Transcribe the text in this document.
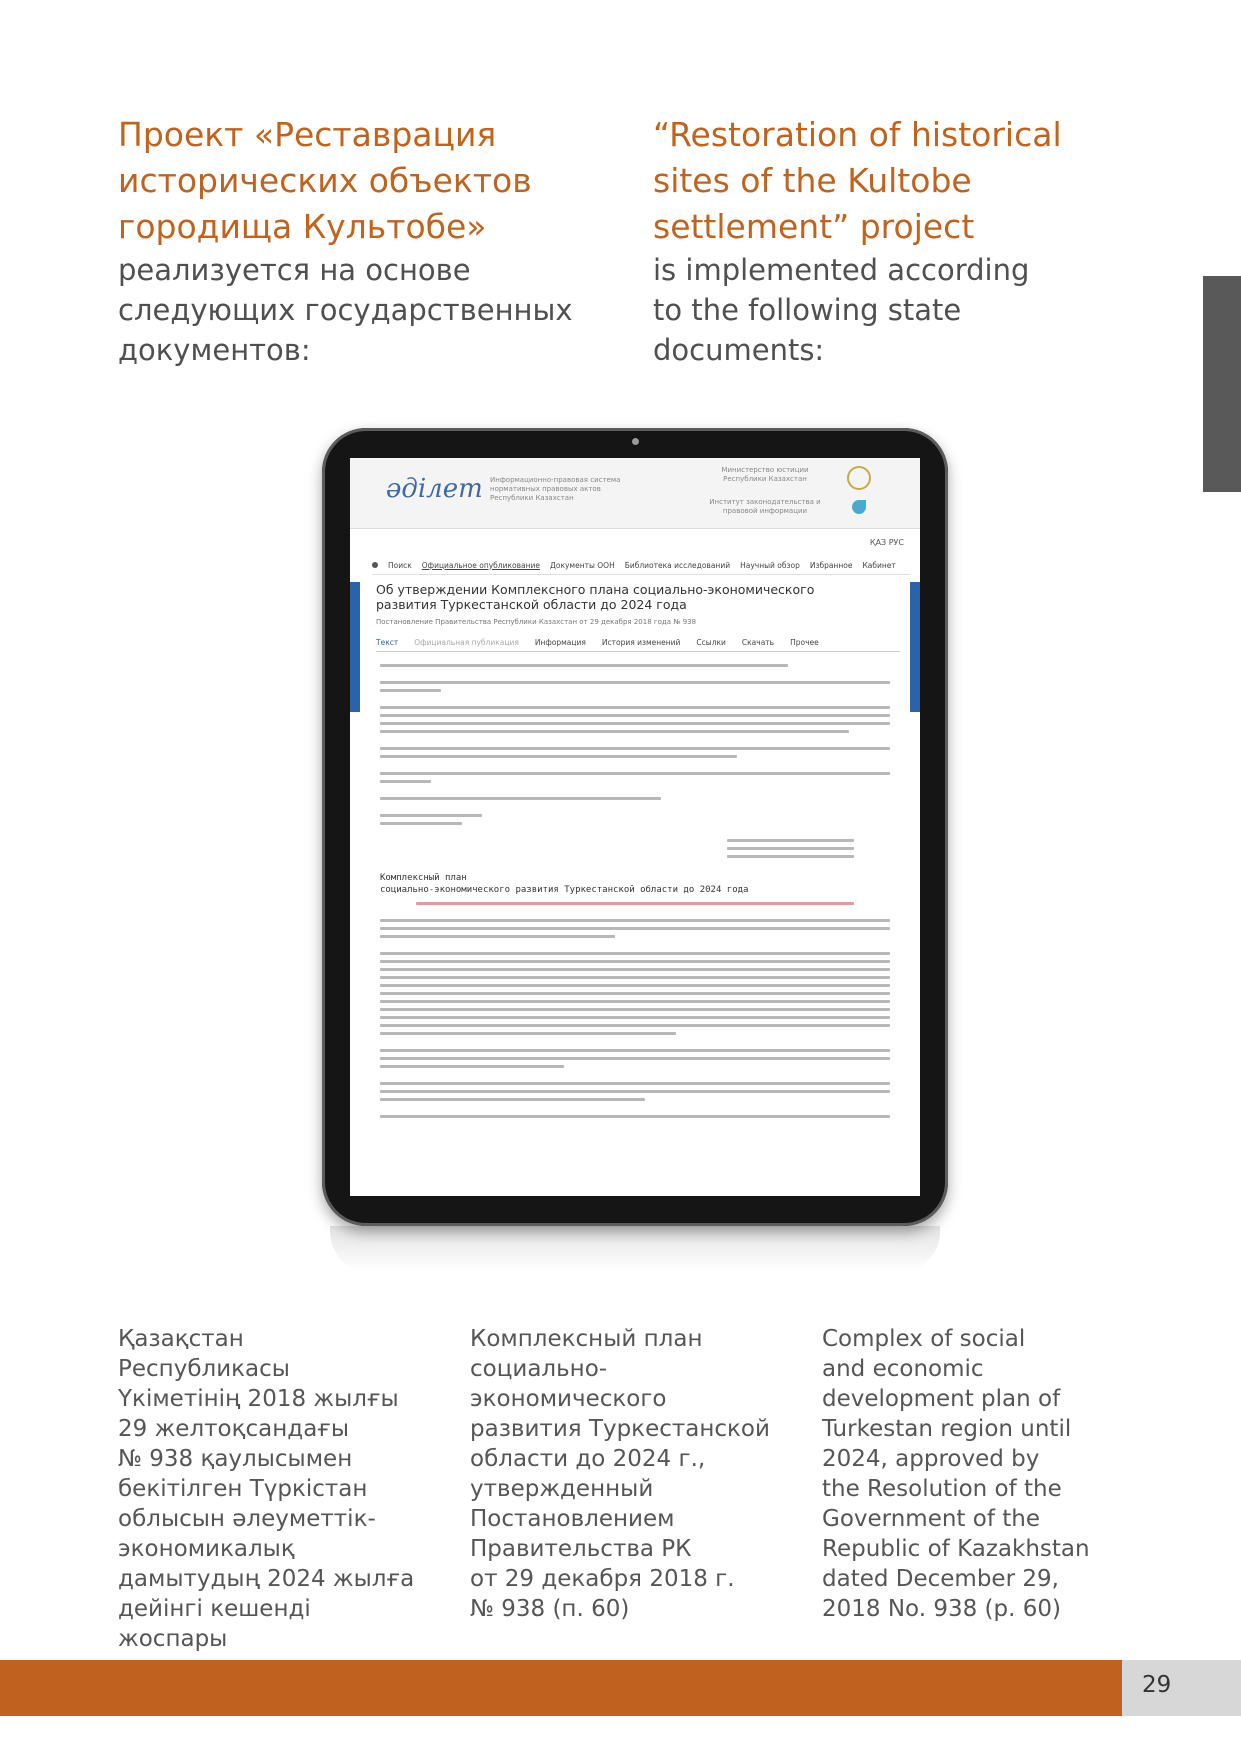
Проект «Реставрация
исторических объектов
городища Культобе»
реализуется на основе
следующих государственных
документов:
“Restoration of historical
sites of the Kultobe
settlement” project
is implemented according
to the following state
documents:
әділет Информационно-правовая система нормативных правовых актов Республики Казахстан
Министерство юстиции Республики Казахстан
Институт законодательства и правовой информации
ҚАЗ РУС
Поиск Официальное опубликование Документы ООН Библиотека исследований Научный обзор Избранное Кабинет
Об утверждении Комплексного плана социально-экономического развития Туркестанской области до 2024 года
Постановление Правительства Республики Казахстан от 29 декабря 2018 года № 938
Текст Официальная публикация Информация История изменений Ссылки Скачать Прочее
Комплексный план
социально-экономического развития Туркестанской области до 2024 года
Қазақстан Республикасы
Үкіметінің 2018 жылғы
29 желтоқсандағы
№ 938 қаулысымен
бекітілген Түркістан
облысын әлеуметтік-
экономикалық
дамытудың 2024 жылға
дейінгі кешенді жоспары
Комплексный план
социально-
экономического
развития Туркестанской
области до 2024 г.,
утвержденный
Постановлением
Правительства РК
от 29 декабря 2018 г.
№ 938 (п. 60)
Complex of social
and economic
development plan of
Turkestan region until
2024, approved by
the Resolution of the
Government of the
Republic of Kazakhstan
dated December 29,
2018 No. 938 (p. 60)
29
